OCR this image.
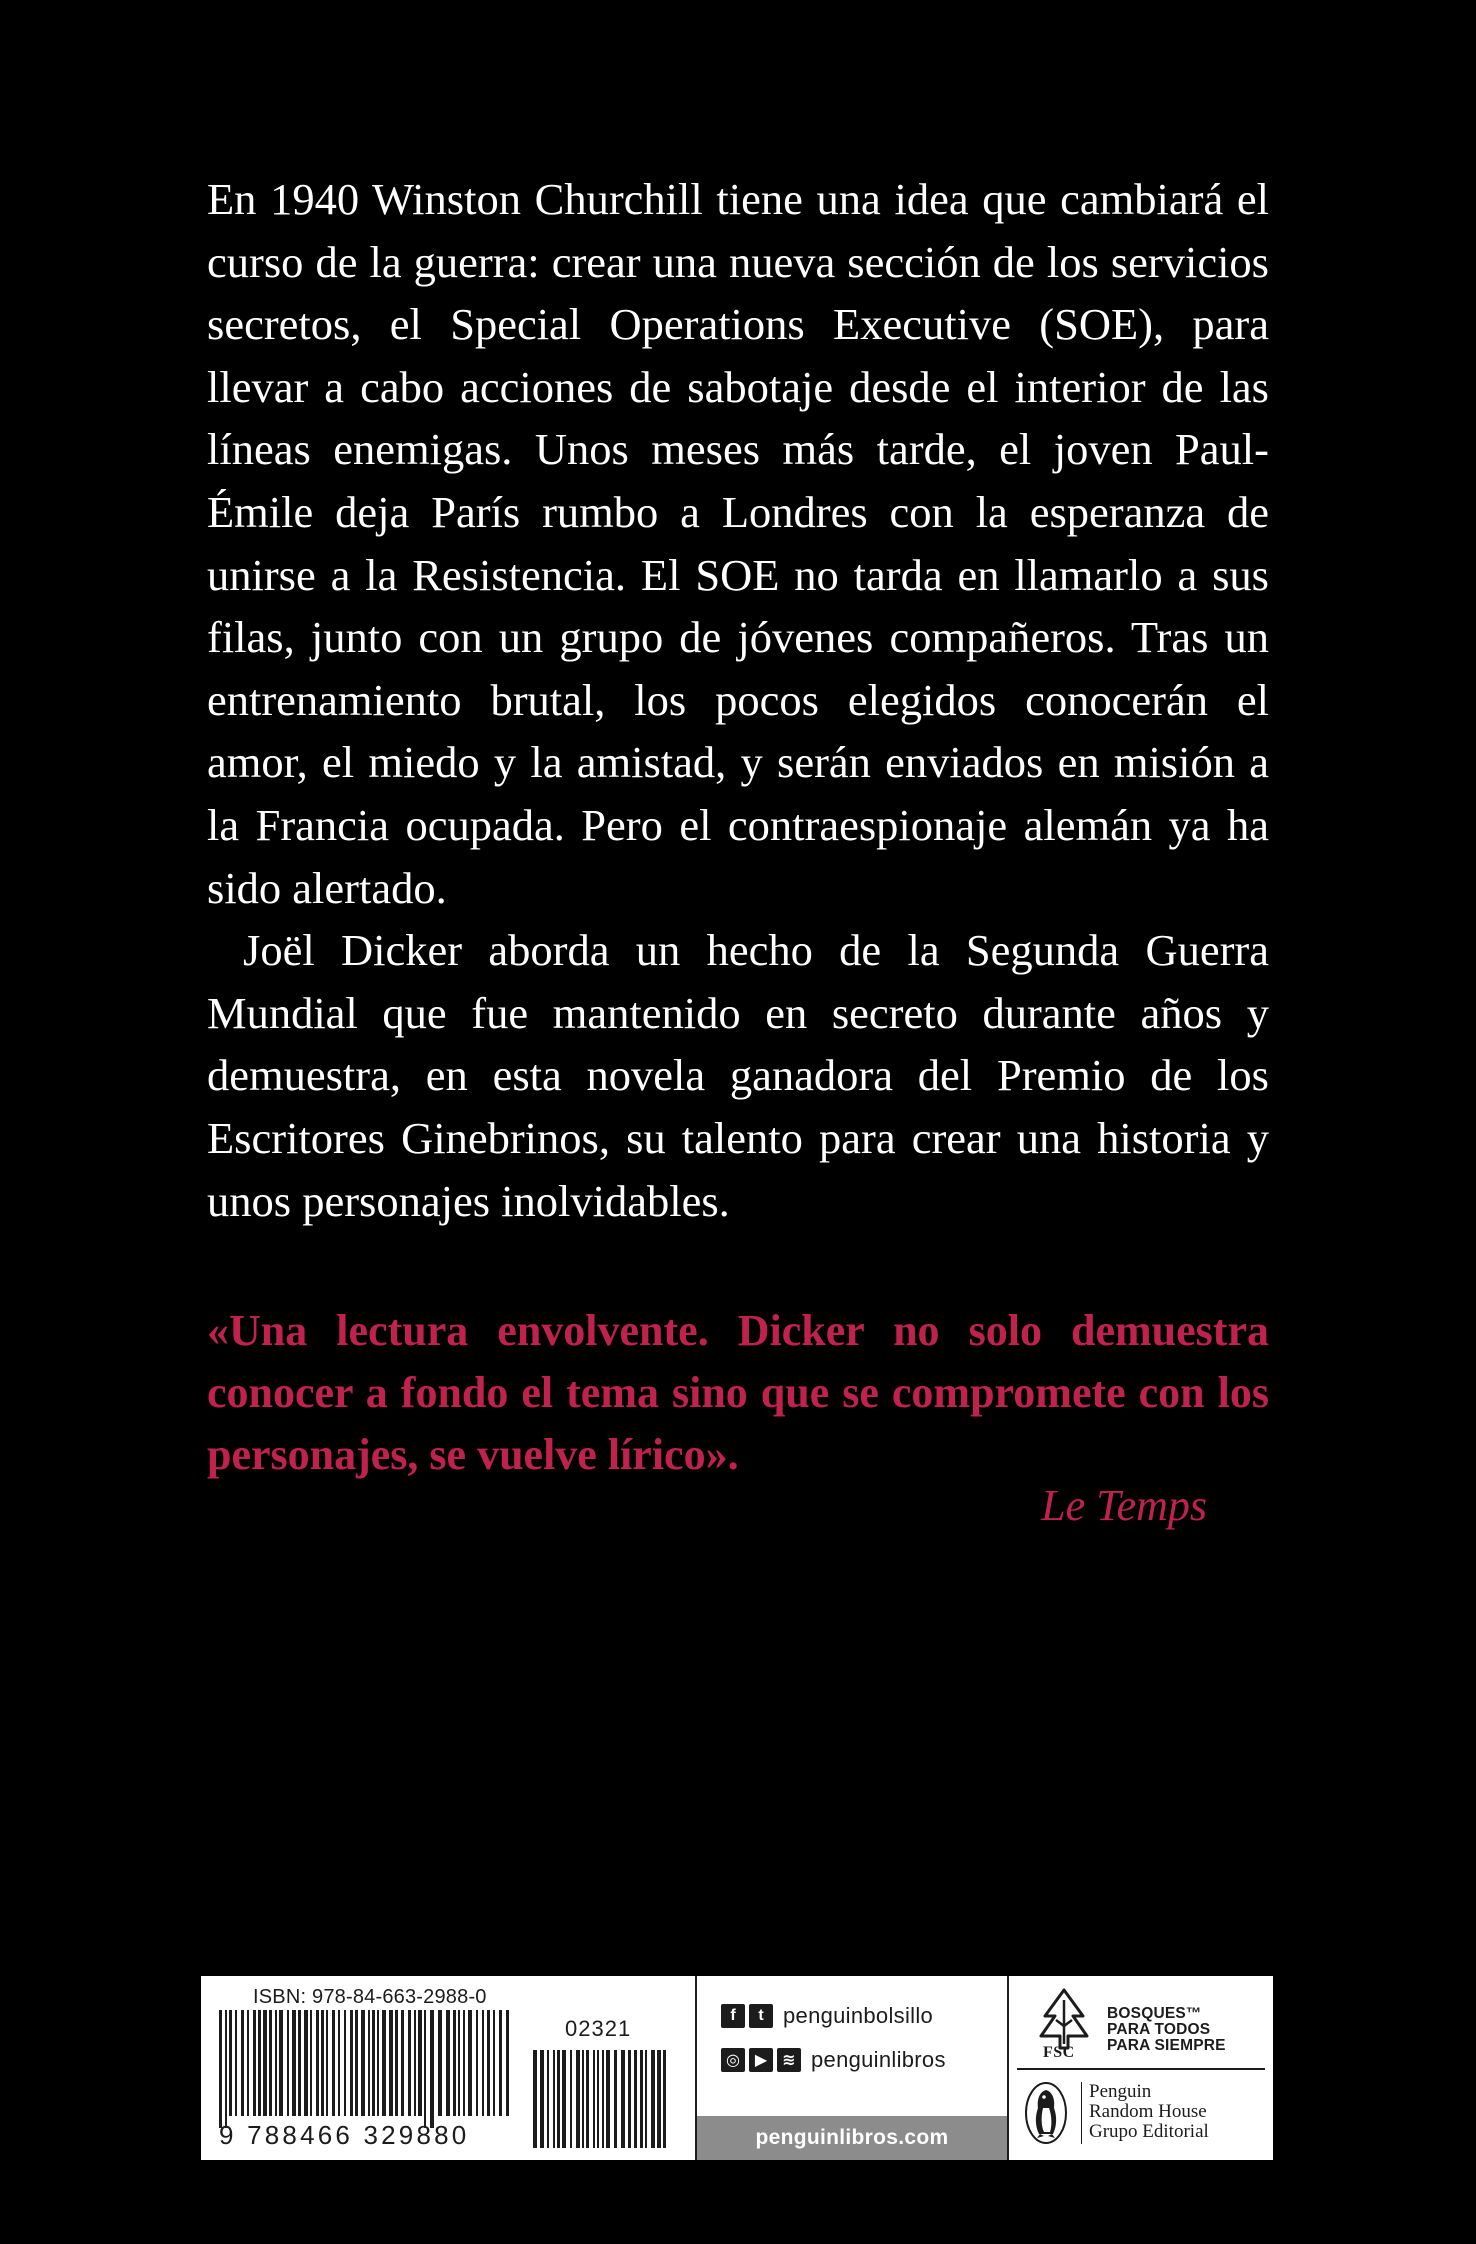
En 1940 Winston Churchill tiene una idea que cambiará el curso de la guerra: crear una nueva sección de los servicios secretos, el Special Operations Executive (SOE), para llevar a cabo acciones de sabotaje desde el interior de las líneas enemigas. Unos meses más tarde, el joven Paul-Émile deja París rumbo a Londres con la esperanza de unirse a la Resistencia. El SOE no tarda en llamarlo a sus filas, junto con un grupo de jóvenes compañeros. Tras un entrenamiento brutal, los pocos elegidos conocerán el amor, el miedo y la amistad, y serán enviados en misión a la Francia ocupada. Pero el contraespionaje alemán ya ha sido alertado.

Joël Dicker aborda un hecho de la Segunda Guerra Mundial que fue mantenido en secreto durante años y demuestra, en esta novela ganadora del Premio de los Escritores Ginebrinos, su talento para crear una historia y unos personajes inolvidables.

«Una lectura envolvente. Dicker no solo demuestra conocer a fondo el tema sino que se compromete con los personajes, se vuelve lírico».

Le Temps
ISBN: 978-84-663-2988-0
02321
9 788466 329880
f	t penguinbolsillo
◎ ▶ ≋ penguinlibros
penguinlibros.com
FSC
BOSQUES™
PARA TODOS
PARA SIEMPRE
Penguin
Random House
Grupo Editorial
